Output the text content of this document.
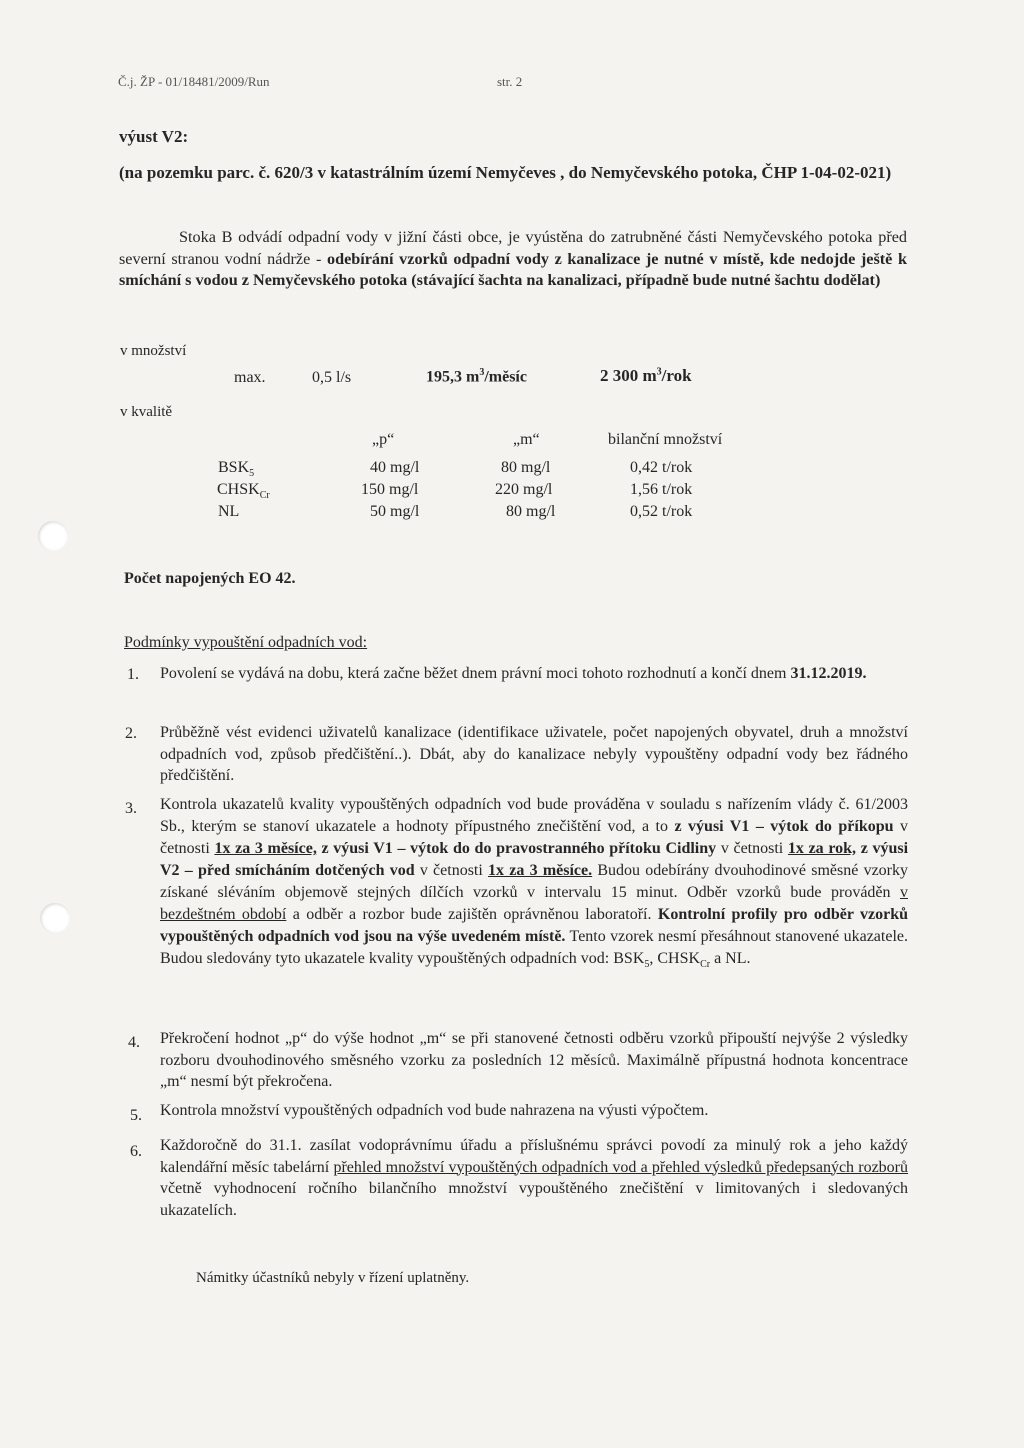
Č.j. ŽP - 01/18481/2009/Run	str. 2
výust V2:
(na pozemku parc. č. 620/3 v katastrálním území Nemyčeves , do Nemyčevského potoka, ČHP 1-04-02-021)
Stoka B odvádí odpadní vody v jižní části obce, je vyústěna do zatrubněné části Nemyčevského potoka před severní stranou vodní nádrže - odebírání vzorků odpadní vody z kanalizace je nutné v místě, kde nedojde ještě k smíchání s vodou z Nemyčevského potoka (stávající šachta na kanalizaci, případně bude nutné šachtu dodělat)
v množství
max.	0,5 l/s	195,3 $m^3$/měsíc	2 300 $m^3$/rok
v kvalitě
„p“	„m“	bilanční množství
$BSK_5$	40 mg/l	80 mg/l	0,42 t/rok
$CHSK_{Cr}$	150 mg/l	220 mg/l	1,56 t/rok
NL	50 mg/l	80 mg/l	0,52 t/rok
Počet napojených EO 42.
Podmínky vypouštění odpadních vod:
1. Povolení se vydává na dobu, která začne běžet dnem právní moci tohoto rozhodnutí a končí dnem 31.12.2019.
2. Průběžně vést evidenci uživatelů kanalizace (identifikace uživatele, počet napojených obyvatel, druh a množství odpadních vod, způsob předčištění..). Dbát, aby do kanalizace nebyly vypouštěny odpadní vody bez řádného předčištění.
3. Kontrola ukazatelů kvality vypouštěných odpadních vod bude prováděna v souladu s nařízením vlády č. 61/2003 Sb., kterým se stanoví ukazatele a hodnoty přípustného znečištění vod, a to z výusi V1 – výtok do příkopu v četnosti 1x za 3 měsíce, z výusi V1 – výtok do do pravostranného přítoku Cidliny v četnosti 1x za rok, z výusi V2 – před smícháním dotčených vod v četnosti 1x za 3 měsíce. Budou odebírány dvouhodinové směsné vzorky získané sléváním objemově stejných dílčích vzorků v intervalu 15 minut. Odběr vzorků bude prováděn v bezdeštném období a odběr a rozbor bude zajištěn oprávněnou laboratoří. Kontrolní profily pro odběr vzorků vypouštěných odpadních vod jsou na výše uvedeném místě. Tento vzorek nesmí přesáhnout stanovené ukazatele. Budou sledovány tyto ukazatele kvality vypouštěných odpadních vod: $BSK_5$, $CHSK_{Cr}$ a NL.
4. Překročení hodnot „p“ do výše hodnot „m“ se při stanovené četnosti odběru vzorků připouští nejvýše 2 výsledky rozboru dvouhodinového směsného vzorku za posledních 12 měsíců. Maximálně přípustná hodnota koncentrace „m“ nesmí být překročena.
5. Kontrola množství vypouštěných odpadních vod bude nahrazena na výusti výpočtem.
6. Každoročně do 31.1. zasílat vodoprávnímu úřadu a příslušnému správci povodí za minulý rok a jeho každý kalendářní měsíc tabelární přehled množství vypouštěných odpadních vod a přehled výsledků předepsaných rozborů včetně vyhodnocení ročního bilančního množství vypouštěného znečištění v limitovaných i sledovaných ukazatelích.
Námitky účastníků nebyly v řízení uplatněny.
